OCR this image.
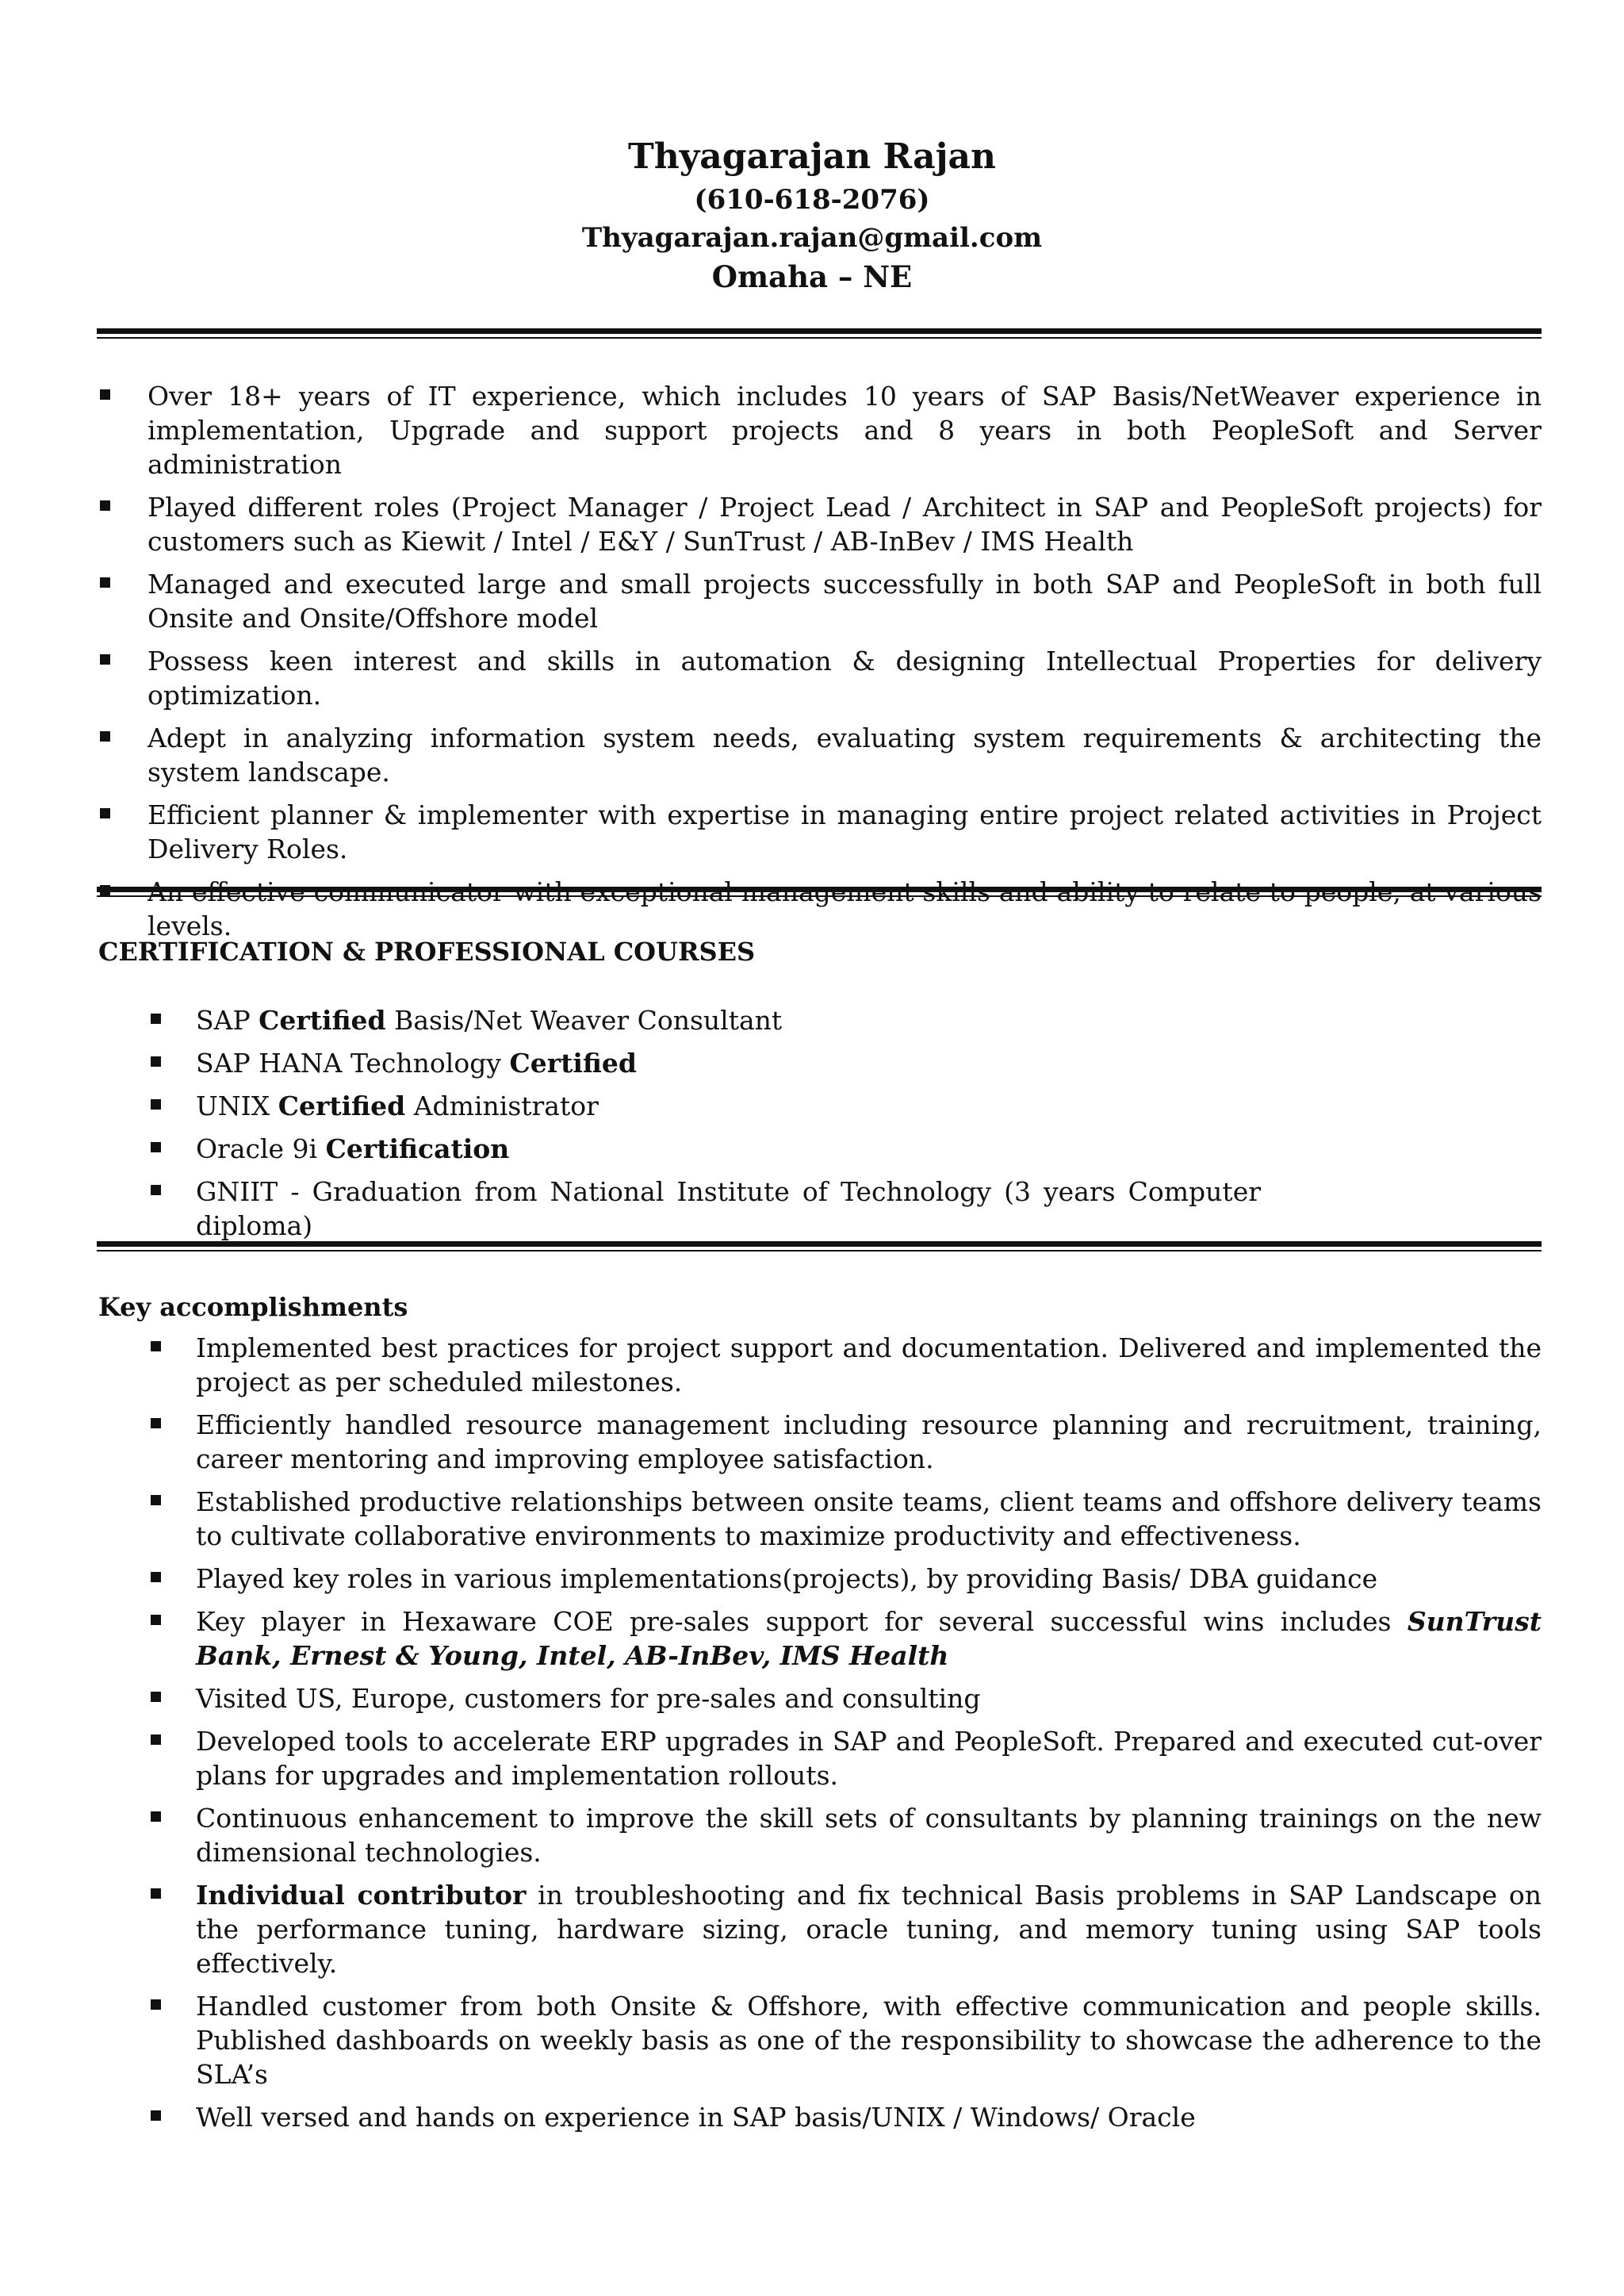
Thyagarajan Rajan
(610-618-2076)
Thyagarajan.rajan@gmail.com
Omaha – NE
Over 18+ years of IT experience, which includes 10 years of SAP Basis/NetWeaver experience in implementation, Upgrade and support projects and 8 years in both PeopleSoft and Server administration
Played different roles (Project Manager / Project Lead / Architect in SAP and PeopleSoft projects) for customers such as Kiewit / Intel / E&Y / SunTrust / AB-InBev / IMS Health
Managed and executed large and small projects successfully in both SAP and PeopleSoft in both full Onsite and Onsite/Offshore model
Possess keen interest and skills in automation & designing Intellectual Properties for delivery optimization.
Adept in analyzing information system needs, evaluating system requirements & architecting the system landscape.
Efficient planner & implementer with expertise in managing entire project related activities in Project Delivery Roles.
levels.
CERTIFICATION & PROFESSIONAL COURSES
SAP Certified Basis/Net Weaver Consultant
SAP HANA Technology Certified
UNIX Certified Administrator
Oracle 9i Certification
GNIIT - Graduation from National Institute of Technology (3 years Computer diploma)
Key accomplishments
Implemented best practices for project support and documentation. Delivered and implemented the project as per scheduled milestones.
Efficiently handled resource management including resource planning and recruitment, training, career mentoring and improving employee satisfaction.
Established productive relationships between onsite teams, client teams and offshore delivery teams to cultivate collaborative environments to maximize productivity and effectiveness.
Played key roles in various implementations(projects), by providing Basis/ DBA guidance
Key player in Hexaware COE pre-sales support for several successful wins includes SunTrust Bank, Ernest & Young, Intel, AB-InBev, IMS Health
Visited US, Europe, customers for pre-sales and consulting
Developed tools to accelerate ERP upgrades in SAP and PeopleSoft. Prepared and executed cut-over plans for upgrades and implementation rollouts.
Continuous enhancement to improve the skill sets of consultants by planning trainings on the new dimensional technologies.
Individual contributor in troubleshooting and fix technical Basis problems in SAP Landscape on the performance tuning, hardware sizing, oracle tuning, and memory tuning using SAP tools effectively.
Handled customer from both Onsite & Offshore, with effective communication and people skills. Published dashboards on weekly basis as one of the responsibility to showcase the adherence to the SLA’s
Well versed and hands on experience in SAP basis/UNIX / Windows/ Oracle
